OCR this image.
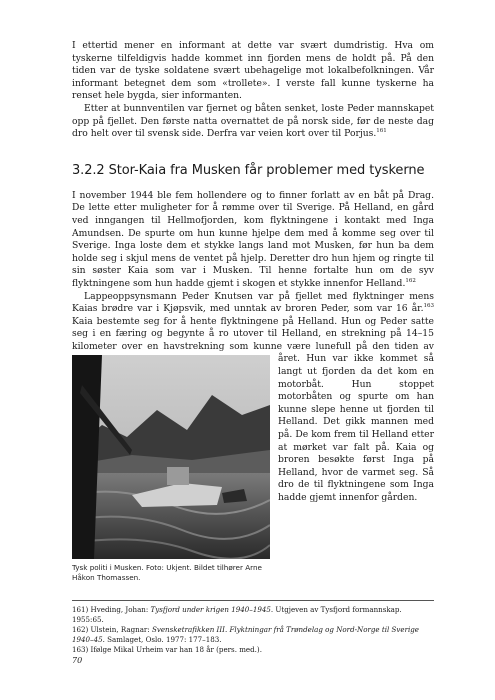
I ettertid mener en informant at dette var svært dumdristig. Hva om tyskerne tilfeldigvis hadde kommet inn fjorden mens de holdt på. På den tiden var de tyske soldatene svært ubehagelige mot lokalbefolkningen. Vår informant betegnet dem som «trollete». I verste fall kunne tyskerne ha renset hele bygda, sier informanten.

Etter at bunnventilen var fjernet og båten senket, loste Peder mannskapet opp på fjellet. Den første natta overnattet de på norsk side, før de neste dag dro helt over til svensk side. Derfra var veien kort over til Porjus.$^{161}$

3.2.2 Stor-Kaia fra Musken får problemer med tyskerne

I november 1944 ble fem hollendere og to finner forlatt av en båt på Drag. De lette etter muligheter for å rømme over til Sverige. På Helland, en gård ved inngangen til Hellmofjorden, kom flyktningene i kontakt med Inga Amundsen. De spurte om hun kunne hjelpe dem med å komme seg over til Sverige. Inga loste dem et stykke langs land mot Musken, før hun ba dem holde seg i skjul mens de ventet på hjelp. Deretter dro hun hjem og ringte til sin søster Kaia som var i Musken. Til henne fortalte hun om de syv flyktningene som hun hadde gjemt i skogen et stykke innenfor Helland.$^{162}$

Lappeoppsynsmann Peder Knutsen var på fjellet med flyktninger mens Kaias brødre var i Kjøpsvik, med unntak av broren Peder, som var 16 år.$^{163}$ Kaia bestemte seg for å hente flyktningene på Helland. Hun og Peder satte seg i en færing og begynte å ro utover til Helland, en strekning på 14–15 kilometer over en havstrekning som kunne være lunefull på den tiden av året. Hun var ikke kommet så langt ut fjorden da det kom en motorbåt. Hun stoppet motorbåten og spurte om han kunne slepe henne ut fjorden til Helland. Det gikk mannen med på. De kom frem til Helland etter at mørket var falt på. Kaia og broren besøkte først Inga på Helland, hvor de varmet seg. Så dro de til flyktningene som Inga hadde gjemt innenfor gården.

Tysk politi i Musken. Foto: Ukjent. Bildet tilhører Arne Håkon Thomassen.

161) Hveding, Johan: Tysfjord under krigen 1940–1945. Utgjeven av Tysfjord formannskap. 1955:65.

162) Ulstein, Ragnar: Svensketrafikken III. Flyktningar frå Trøndelag og Nord-Norge til Sverige 1940–45. Samlaget, Oslo. 1977: 177–183.

163) Ifølge Mikal Urheim var han 18 år (pers. med.).

70
